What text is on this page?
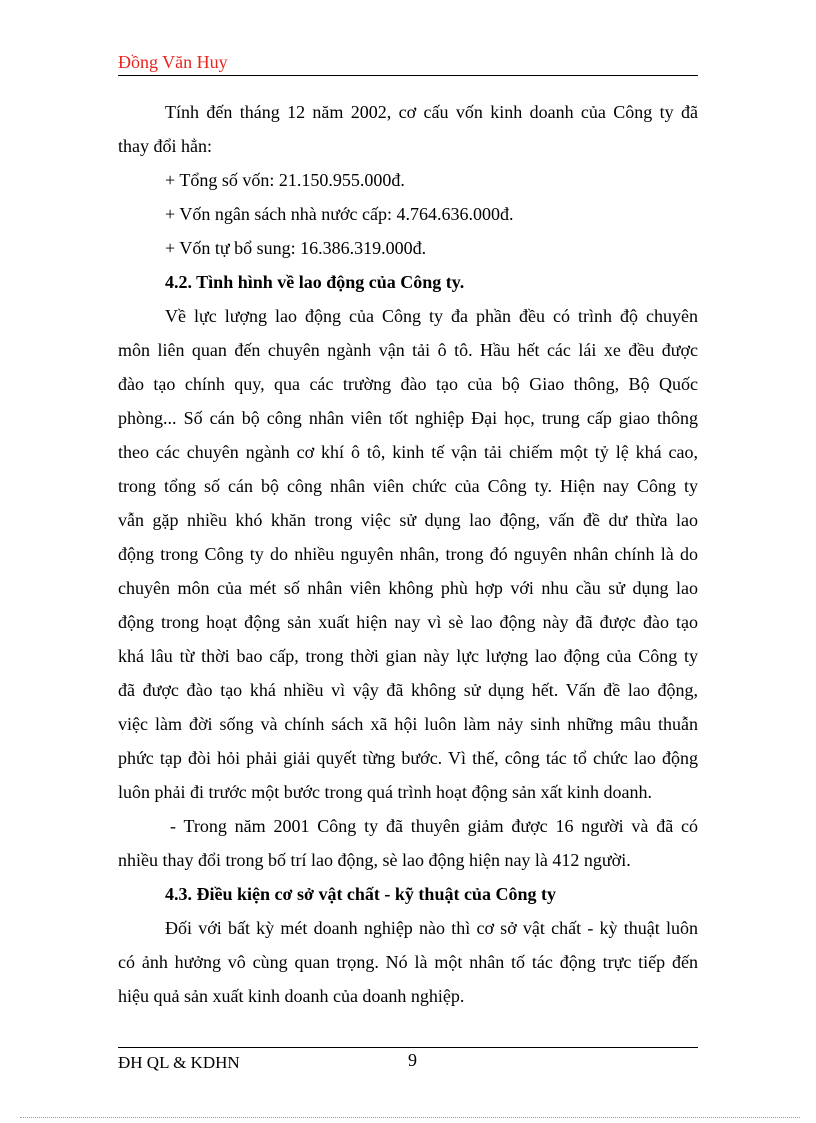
Đồng Văn Huy
Tính đến tháng 12 năm 2002, cơ cấu vốn kinh doanh của Công ty đã
thay đổi hẳn:
+ Tổng số vốn: 21.150.955.000đ.
+ Vốn ngân sách nhà nước cấp: 4.764.636.000đ.
+ Vốn tự bổ sung: 16.386.319.000đ.
4.2. Tình hình về lao động của Công ty.
Về lực lượng lao động của Công ty đa phần đều có trình độ chuyên
môn liên quan đến chuyên ngành vận tải ô tô. Hầu hết các lái xe đều được
đào tạo chính quy, qua các trường đào tạo của bộ Giao thông, Bộ Quốc
phòng... Số cán bộ công nhân viên tốt nghiệp Đại học, trung cấp giao thông
theo các chuyên ngành cơ khí ô tô, kinh tế vận tải chiếm một tỷ lệ khá cao,
trong tổng số cán bộ công nhân viên chức của Công ty. Hiện nay Công ty
vẫn gặp nhiều khó khăn trong việc sử dụng lao động, vấn đề dư thừa lao
động trong Công ty do nhiều nguyên nhân, trong đó nguyên nhân chính là do
chuyên môn của mét số nhân viên không phù hợp với nhu cầu sử dụng lao
động trong hoạt động sản xuất hiện nay vì sè lao động này đã được đào tạo
khá lâu từ thời bao cấp, trong thời gian này lực lượng lao động của Công ty
đã được đào tạo khá nhiều vì vậy đã không sử dụng hết. Vấn đề lao động,
việc làm đời sống và chính sách xã hội luôn làm nảy sinh những mâu thuẫn
phức tạp đòi hỏi phải giải quyết từng bước. Vì thế, công tác tổ chức lao động
luôn phải đi trước một bước trong quá trình hoạt động sản xất kinh doanh.
- Trong năm 2001 Công ty đã thuyên giảm được 16 người và đã có
nhiều thay đổi trong bố trí lao động, sè lao động hiện nay là 412 người.
4.3. Điều kiện cơ sở vật chất - kỹ thuật của Công ty
Đối với bất kỳ mét doanh nghiệp nào thì cơ sở vật chất - kỳ thuật luôn
có ảnh hưởng vô cùng quan trọng. Nó là một nhân tố tác động trực tiếp đến
hiệu quả sản xuất kinh doanh của doanh nghiệp.
ĐH QL & KDHN	9
